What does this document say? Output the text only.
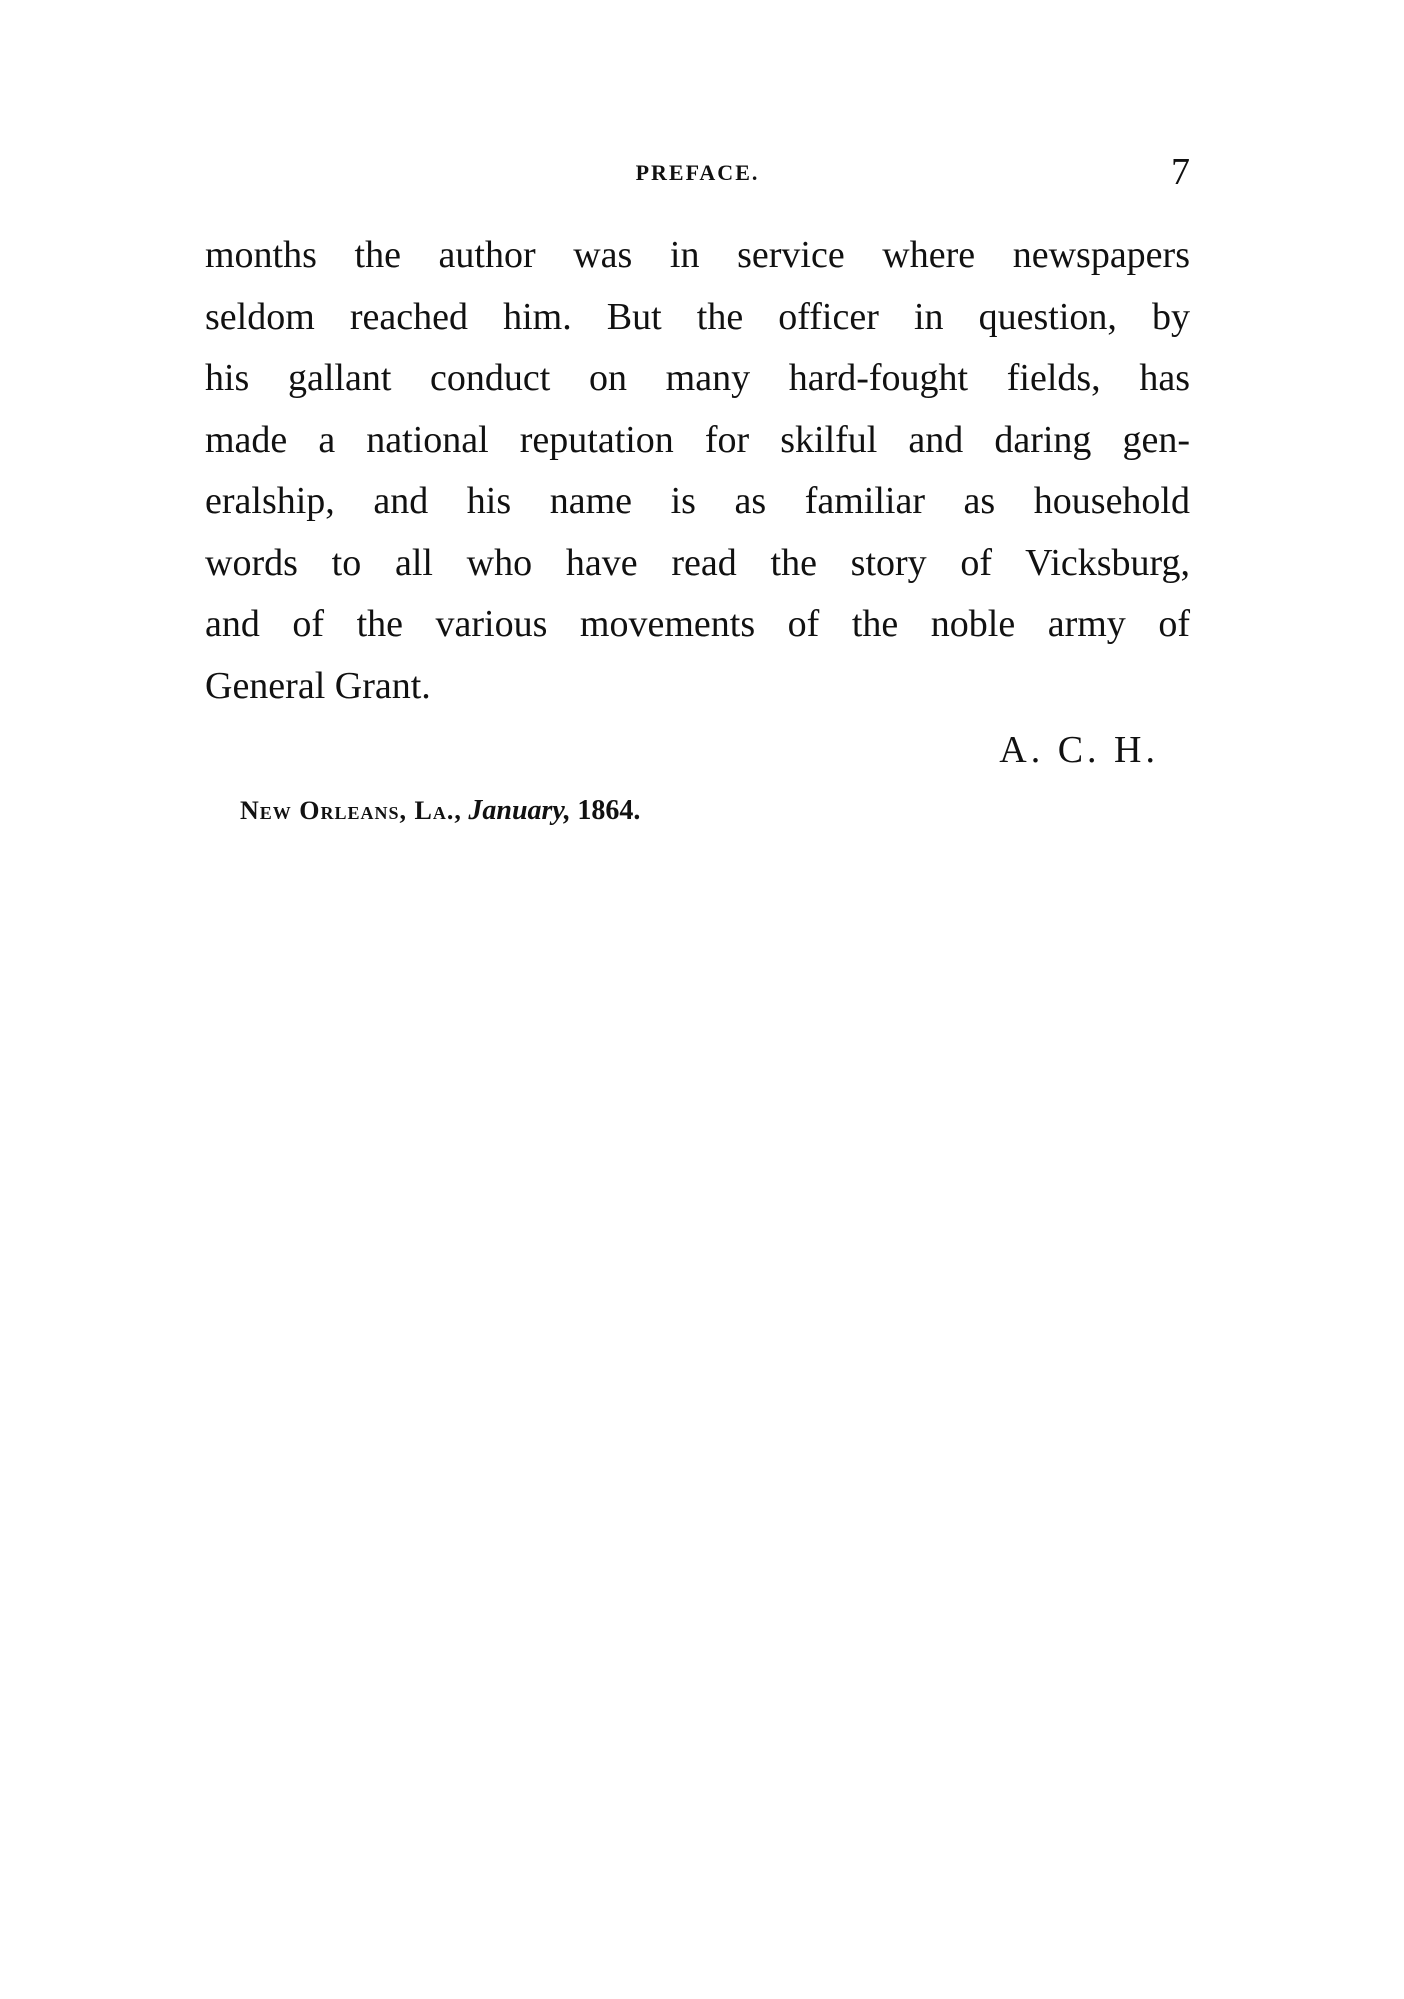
PREFACE.	7
months the author was in service where newspapers
seldom reached him. But the officer in question, by
his gallant conduct on many hard-fought fields, has
made a national reputation for skilful and daring gen-
eralship, and his name is as familiar as household
words to all who have read the story of Vicksburg,
and of the various movements of the noble army of
General Grant.
A. C. H.
New Orleans, La., January, 1864.
